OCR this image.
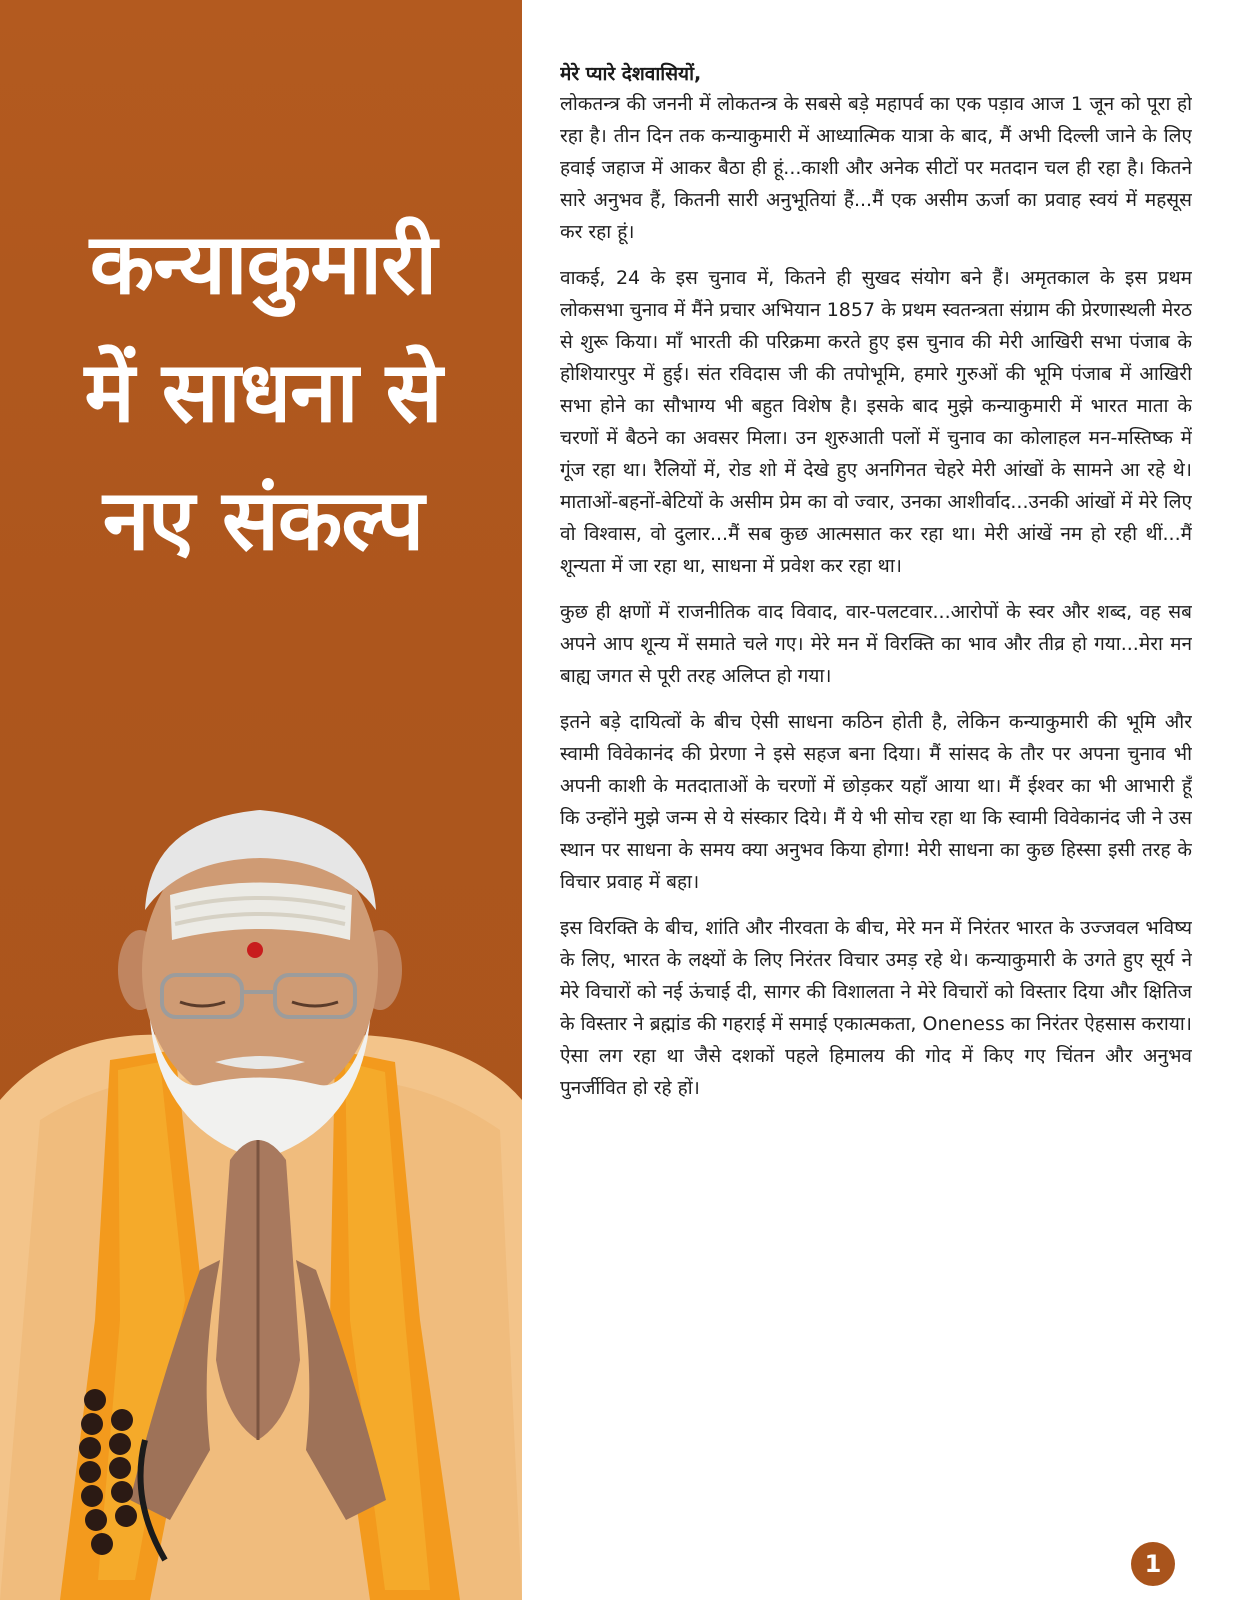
कन्याकुमारी
में साधना से
नए संकल्प

मेरे प्यारे देशवासियों,

लोकतन्त्र की जननी में लोकतन्त्र के सबसे बड़े महापर्व का एक पड़ाव आज 1 जून को पूरा हो रहा है। तीन दिन तक कन्याकुमारी में आध्यात्मिक यात्रा के बाद, मैं अभी दिल्ली जाने के लिए हवाई जहाज में आकर बैठा ही हूं...काशी और अनेक सीटों पर मतदान चल ही रहा है। कितने सारे अनुभव हैं, कितनी सारी अनुभूतियां हैं...मैं एक असीम ऊर्जा का प्रवाह स्वयं में महसूस कर रहा हूं।

वाकई, 24 के इस चुनाव में, कितने ही सुखद संयोग बने हैं। अमृतकाल के इस प्रथम लोकसभा चुनाव में मैंने प्रचार अभियान 1857 के प्रथम स्वतन्त्रता संग्राम की प्रेरणास्थली मेरठ से शुरू किया। माँ भारती की परिक्रमा करते हुए इस चुनाव की मेरी आखिरी सभा पंजाब के होशियारपुर में हुई। संत रविदास जी की तपोभूमि, हमारे गुरुओं की भूमि पंजाब में आखिरी सभा होने का सौभाग्य भी बहुत विशेष है। इसके बाद मुझे कन्याकुमारी में भारत माता के चरणों में बैठने का अवसर मिला। उन शुरुआती पलों में चुनाव का कोलाहल मन-मस्तिष्क में गूंज रहा था। रैलियों में, रोड शो में देखे हुए अनगिनत चेहरे मेरी आंखों के सामने आ रहे थे। माताओं-बहनों-बेटियों के असीम प्रेम का वो ज्वार, उनका आशीर्वाद...उनकी आंखों में मेरे लिए वो विश्वास, वो दुलार...मैं सब कुछ आत्मसात कर रहा था। मेरी आंखें नम हो रही थीं...मैं शून्यता में जा रहा था, साधना में प्रवेश कर रहा था।

कुछ ही क्षणों में राजनीतिक वाद विवाद, वार-पलटवार...आरोपों के स्वर और शब्द, वह सब अपने आप शून्य में समाते चले गए। मेरे मन में विरक्ति का भाव और तीव्र हो गया...मेरा मन बाह्य जगत से पूरी तरह अलिप्त हो गया।

इतने बड़े दायित्वों के बीच ऐसी साधना कठिन होती है, लेकिन कन्याकुमारी की भूमि और स्वामी विवेकानंद की प्रेरणा ने इसे सहज बना दिया। मैं सांसद के तौर पर अपना चुनाव भी अपनी काशी के मतदाताओं के चरणों में छोड़कर यहाँ आया था। मैं ईश्वर का भी आभारी हूँ कि उन्होंने मुझे जन्म से ये संस्कार दिये। मैं ये भी सोच रहा था कि स्वामी विवेकानंद जी ने उस स्थान पर साधना के समय क्या अनुभव किया होगा! मेरी साधना का कुछ हिस्सा इसी तरह के विचार प्रवाह में बहा।

इस विरक्ति के बीच, शांति और नीरवता के बीच, मेरे मन में निरंतर भारत के उज्जवल भविष्य के लिए, भारत के लक्ष्यों के लिए निरंतर विचार उमड़ रहे थे। कन्याकुमारी के उगते हुए सूर्य ने मेरे विचारों को नई ऊंचाई दी, सागर की विशालता ने मेरे विचारों को विस्तार दिया और क्षितिज के विस्तार ने ब्रह्मांड की गहराई में समाई एकात्मकता, Oneness का निरंतर ऐहसास कराया। ऐसा लग रहा था जैसे दशकों पहले हिमालय की गोद में किए गए चिंतन और अनुभव पुनर्जीवित हो रहे हों।

1
